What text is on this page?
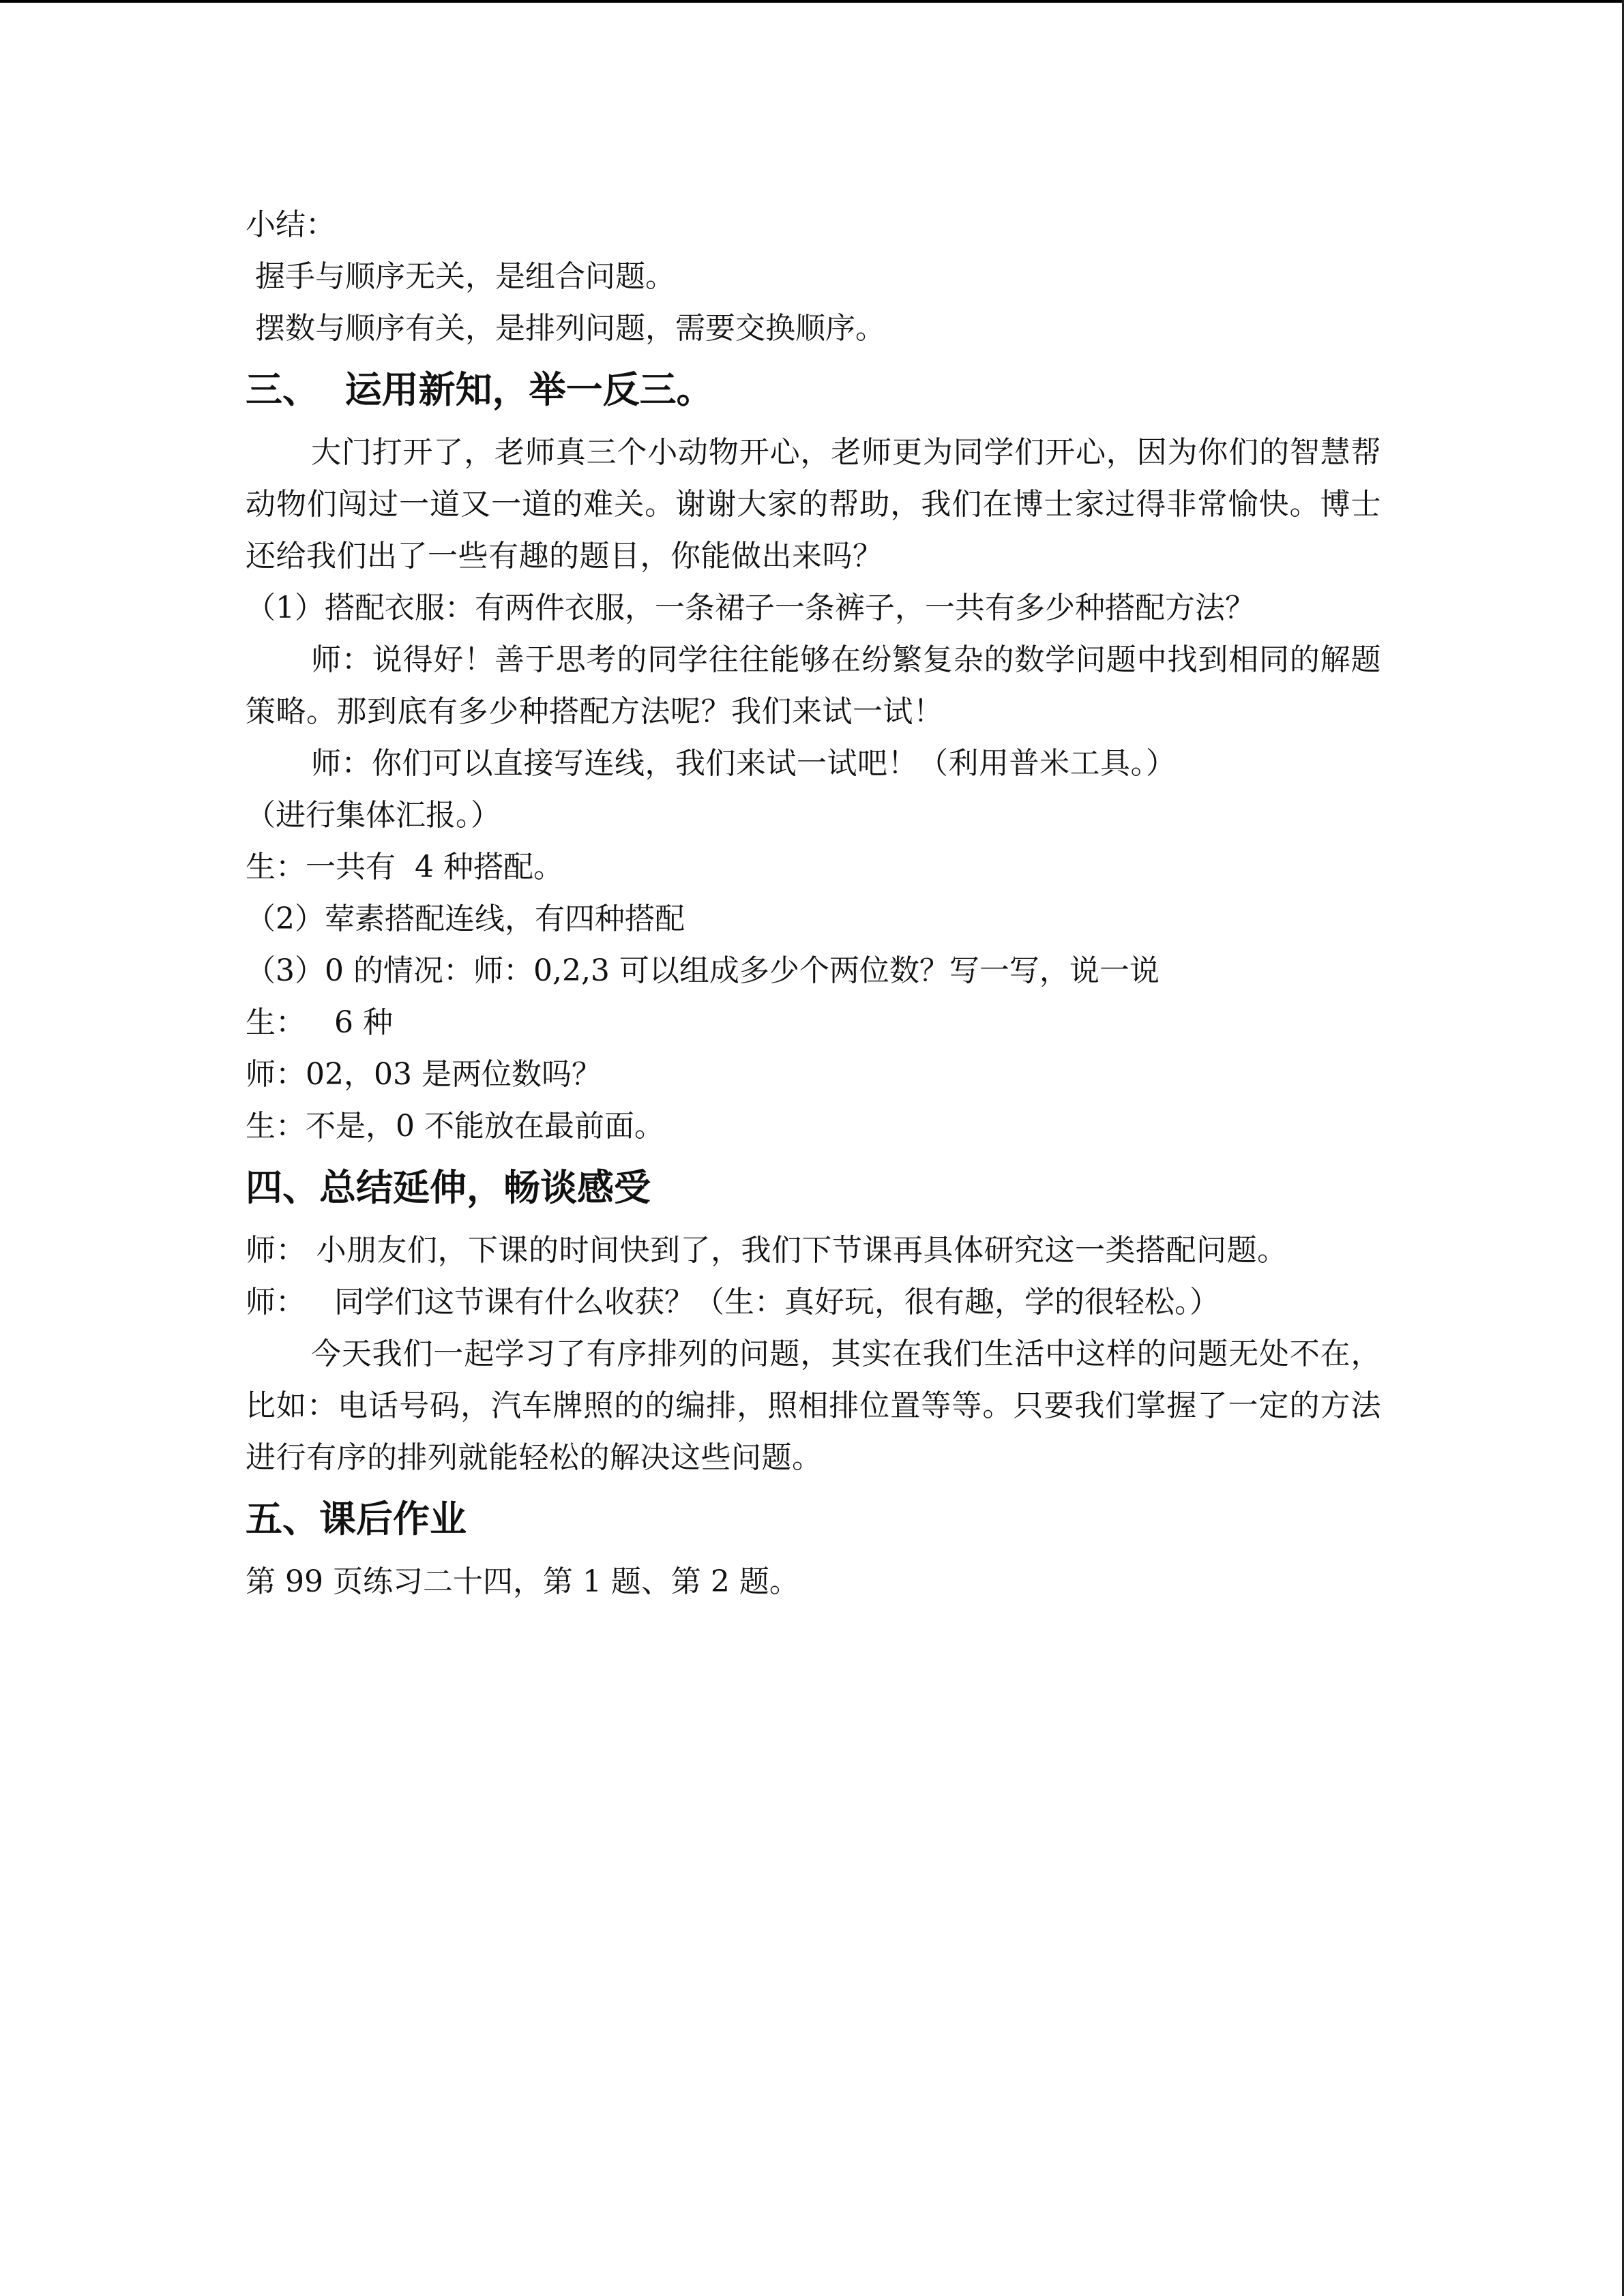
小结：
握手与顺序无关，是组合问题。
摆数与顺序有关，是排列问题，需要交换顺序。
三、  运用新知，举一反三。
大门打开了，老师真三个小动物开心，老师更为同学们开心，因为你们的智慧帮动物们闯过一道又一道的难关。谢谢大家的帮助，我们在博士家过得非常愉快。博士还给我们出了一些有趣的题目，你能做出来吗？
（1）搭配衣服：有两件衣服，一条裙子一条裤子，一共有多少种搭配方法？
师：说得好！善于思考的同学往往能够在纷繁复杂的数学问题中找到相同的解题策略。那到底有多少种搭配方法呢？我们来试一试！
师：你们可以直接写连线，我们来试一试吧！（利用普米工具。）
（进行集体汇报。）
生：一共有  4 种搭配。
（2）荤素搭配连线，有四种搭配
（3）0 的情况：师：0,2,3 可以组成多少个两位数？写一写，说一说
生：   6 种
师：02，03 是两位数吗？
生：不是，0 不能放在最前面。
四、总结延伸，畅谈感受
师： 小朋友们，下课的时间快到了，我们下节课再具体研究这一类搭配问题。
师：   同学们这节课有什么收获？（生：真好玩，很有趣，学的很轻松。）
今天我们一起学习了有序排列的问题，其实在我们生活中这样的问题无处不在，比如：电话号码，汽车牌照的的编排，照相排位置等等。只要我们掌握了一定的方法进行有序的排列就能轻松的解决这些问题。
五、课后作业
第 99 页练习二十四，第 1 题、第 2 题。
